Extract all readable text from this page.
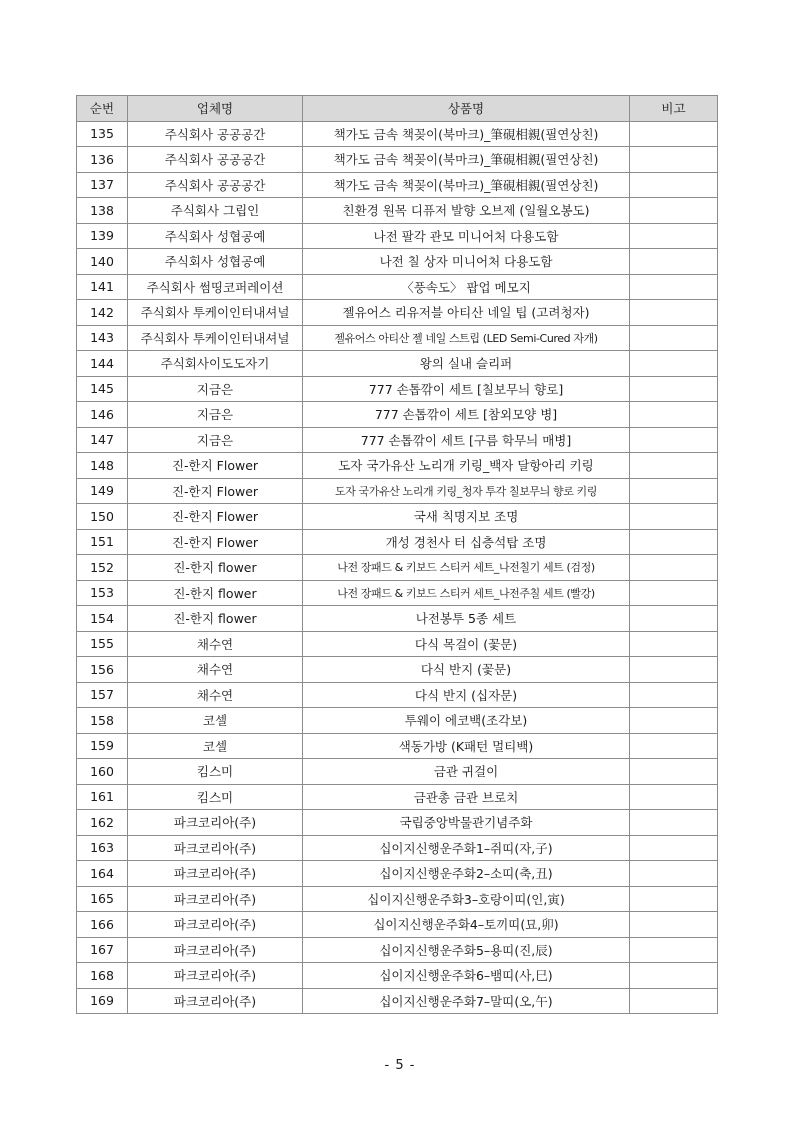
순번	업체명	상품명	비고
135	주식회사 공공공간	책가도 금속 책꽂이(북마크)_筆硯相親(필연상친)	
136	주식회사 공공공간	책가도 금속 책꽂이(북마크)_筆硯相親(필연상친)	
137	주식회사 공공공간	책가도 금속 책꽂이(북마크)_筆硯相親(필연상친)	
138	주식회사 그립인	친환경 원목 디퓨저 발향 오브제 (일월오봉도)	
139	주식회사 성협공예	나전 팔각 관모 미니어처 다용도함	
140	주식회사 성협공예	나전 칠 상자 미니어처 다용도함	
141	주식회사 썸띵코퍼레이션	〈풍속도〉 팝업 메모지	
142	주식회사 투케이인터내셔널	젤유어스 리유저블 아티산 네일 팁 (고려청자)	
143	주식회사 투케이인터내셔널	젤유어스 아티산 젤 네일 스트립 (LED Semi-Cured 자개)	
144	주식회사이도도자기	왕의 실내 슬리퍼	
145	지금은	777 손톱깎이 세트 [칠보무늬 향로]	
146	지금은	777 손톱깎이 세트 [참외모양 병]	
147	지금은	777 손톱깎이 세트 [구름 학무늬 매병]	
148	진-한지 Flower	도자 국가유산 노리개 키링_백자 달항아리 키링	
149	진-한지 Flower	도자 국가유산 노리개 키링_청자 투각 칠보무늬 향로 키링	
150	진-한지 Flower	국새 칙명지보 조명	
151	진-한지 Flower	개성 경천사 터 십층석탑 조명	
152	진-한지 flower	나전 장패드 & 키보드 스티커 세트_나전칠기 세트 (검정)	
153	진-한지 flower	나전 장패드 & 키보드 스티커 세트_나전주칠 세트 (빨강)	
154	진-한지 flower	나전봉투 5종 세트	
155	채수연	다식 목걸이 (꽃문)	
156	채수연	다식 반지 (꽃문)	
157	채수연	다식 반지 (십자문)	
158	코셀	투웨이 에코백(조각보)	
159	코셀	색동가방 (K패턴 멀티백)	
160	킴스미	금관 귀걸이	
161	킴스미	금관총 금관 브로치	
162	파크코리아(주)	국립중앙박물관기념주화	
163	파크코리아(주)	십이지신행운주화1–쥐띠(자,子)	
164	파크코리아(주)	십이지신행운주화2–소띠(축,丑)	
165	파크코리아(주)	십이지신행운주화3–호랑이띠(인,寅)	
166	파크코리아(주)	십이지신행운주화4–토끼띠(묘,卯)	
167	파크코리아(주)	십이지신행운주화5–용띠(진,辰)	
168	파크코리아(주)	십이지신행운주화6–뱀띠(사,巳)	
169	파크코리아(주)	십이지신행운주화7–말띠(오,午)	
- 5 -
